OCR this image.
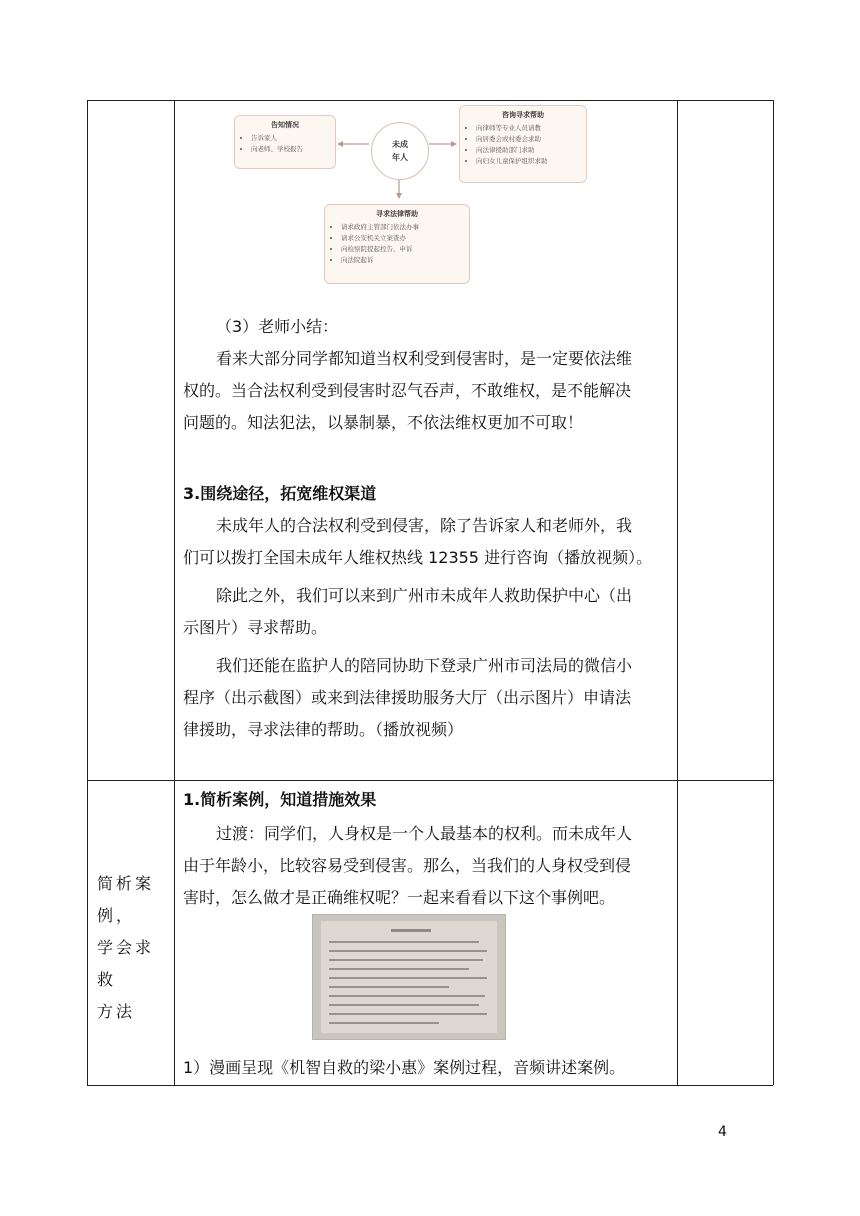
告知情况
• 告诉家人
• 向老师、学校报告	未成
年人
咨询寻求帮助
• 向律师等专业人员请教
• 向居委会或村委会求助
• 向法律援助部门求助
• 向妇女儿童保护组织求助
寻求法律帮助
• 请求政府主管部门依法办事
• 请求公安机关立案查办
• 向检察院提起控告、申诉
• 向法院起诉
（3）老师小结：
看来大部分同学都知道当权利受到侵害时，是一定要依法维
权的。当合法权利受到侵害时忍气吞声，不敢维权，是不能解决
问题的。知法犯法，以暴制暴，不依法维权更加不可取！
3.围绕途径，拓宽维权渠道
未成年人的合法权利受到侵害，除了告诉家人和老师外，我
们可以拨打全国未成年人维权热线 12355 进行咨询（播放视频）。
除此之外，我们可以来到广州市未成年人救助保护中心（出
示图片）寻求帮助。
我们还能在监护人的陪同协助下登录广州市司法局的微信小
程序（出示截图）或来到法律援助服务大厅（出示图片）申请法
律援助，寻求法律的帮助。（播放视频）
简析案
例，
学会求救
方法
1.简析案例，知道措施效果
过渡：同学们，人身权是一个人最基本的权利。而未成年人
由于年龄小，比较容易受到侵害。那么，当我们的人身权受到侵
害时，怎么做才是正确维权呢？一起来看看以下这个事例吧。
1）漫画呈现《机智自救的梁小惠》案例过程，音频讲述案例。
4
